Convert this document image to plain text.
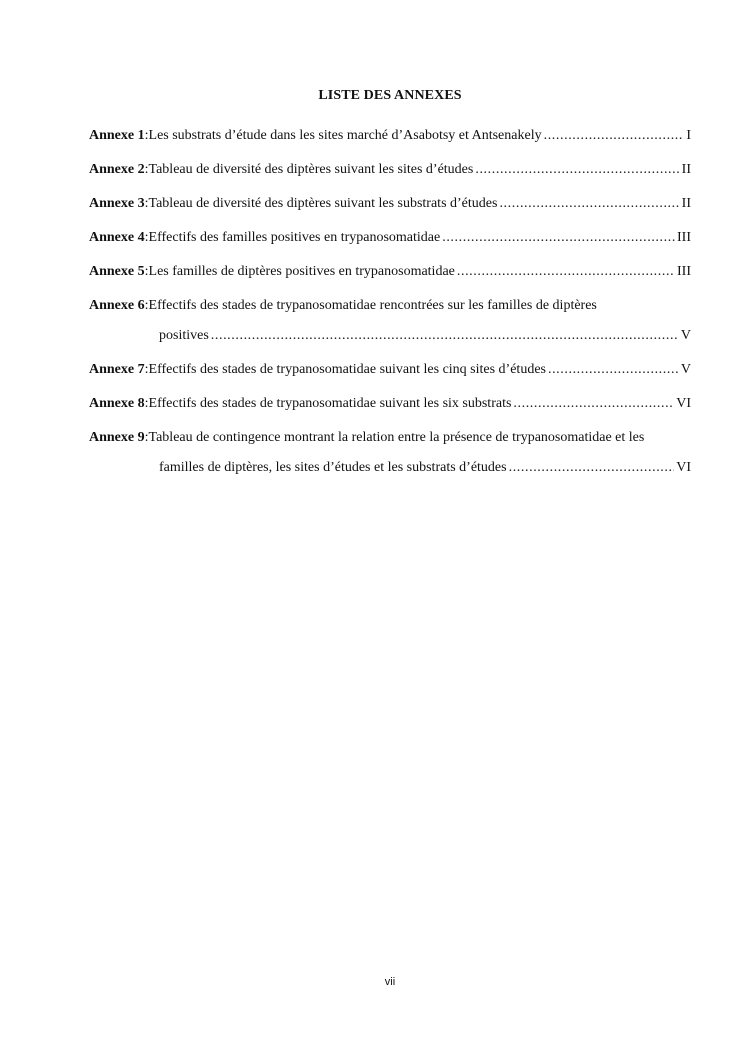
LISTE DES ANNEXES
Annexe 1 : Les substrats d’étude dans les sites marché d’Asabotsy et Antsenakely .....	I
Annexe 2 : Tableau de diversité des diptères suivant les sites d’études .....	II
Annexe 3 : Tableau de diversité des diptères suivant les substrats d’études .....	II
Annexe 4 : Effectifs des familles positives en trypanosomatidae .....	III
Annexe 5 : Les familles de diptères positives en trypanosomatidae .....	III
Annexe 6 : Effectifs des stades de trypanosomatidae rencontrées sur les familles de diptères
positives .....	V
Annexe 7 : Effectifs des stades de trypanosomatidae suivant les cinq sites d’études .....	V
Annexe 8 : Effectifs des stades de trypanosomatidae suivant les six substrats .....	VI
Annexe 9 : Tableau de contingence montrant la relation entre la présence de trypanosomatidae et les
familles de diptères, les sites d’études et les substrats d’études .....	VI
vii
